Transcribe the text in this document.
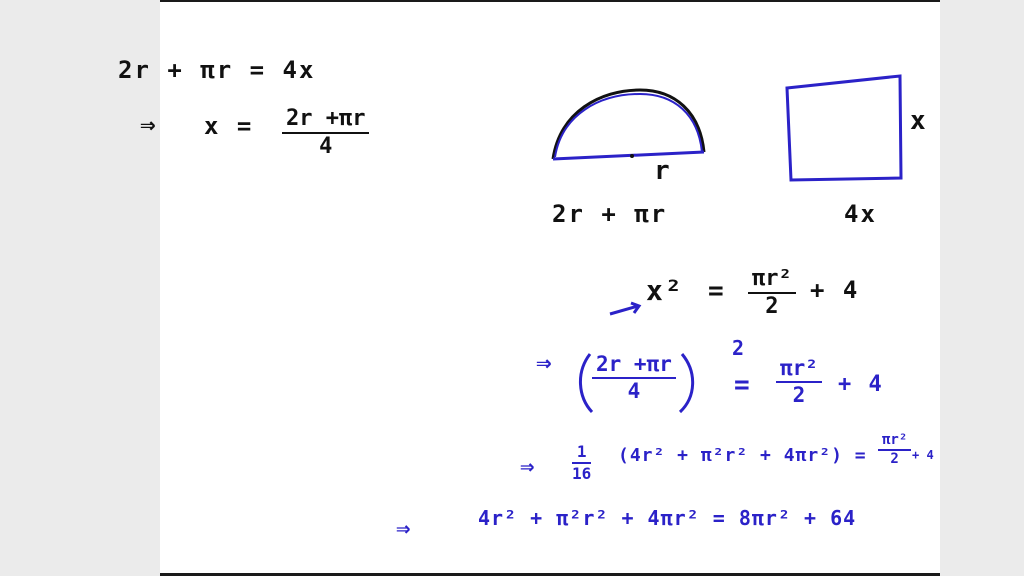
2r + πr = 4x
⇒ $x = \frac{2r +\pi r}{4}$
r
2r + πr
x
4x
$x^2 = \frac{\text{πr²}}{2} + 4$
⇒ $\frac{2r +\pi r}{4}$
2
= $\frac{\text{πr²}}{2} + 4$
⇒ $\frac{1}{16} (4r^2 + \pi^2r^2 + 4\pi r^2) = \frac{\text{πr²}}{2} + 4$
⇒	4r² + π²r² + 4πr² = 8πr² + 64
